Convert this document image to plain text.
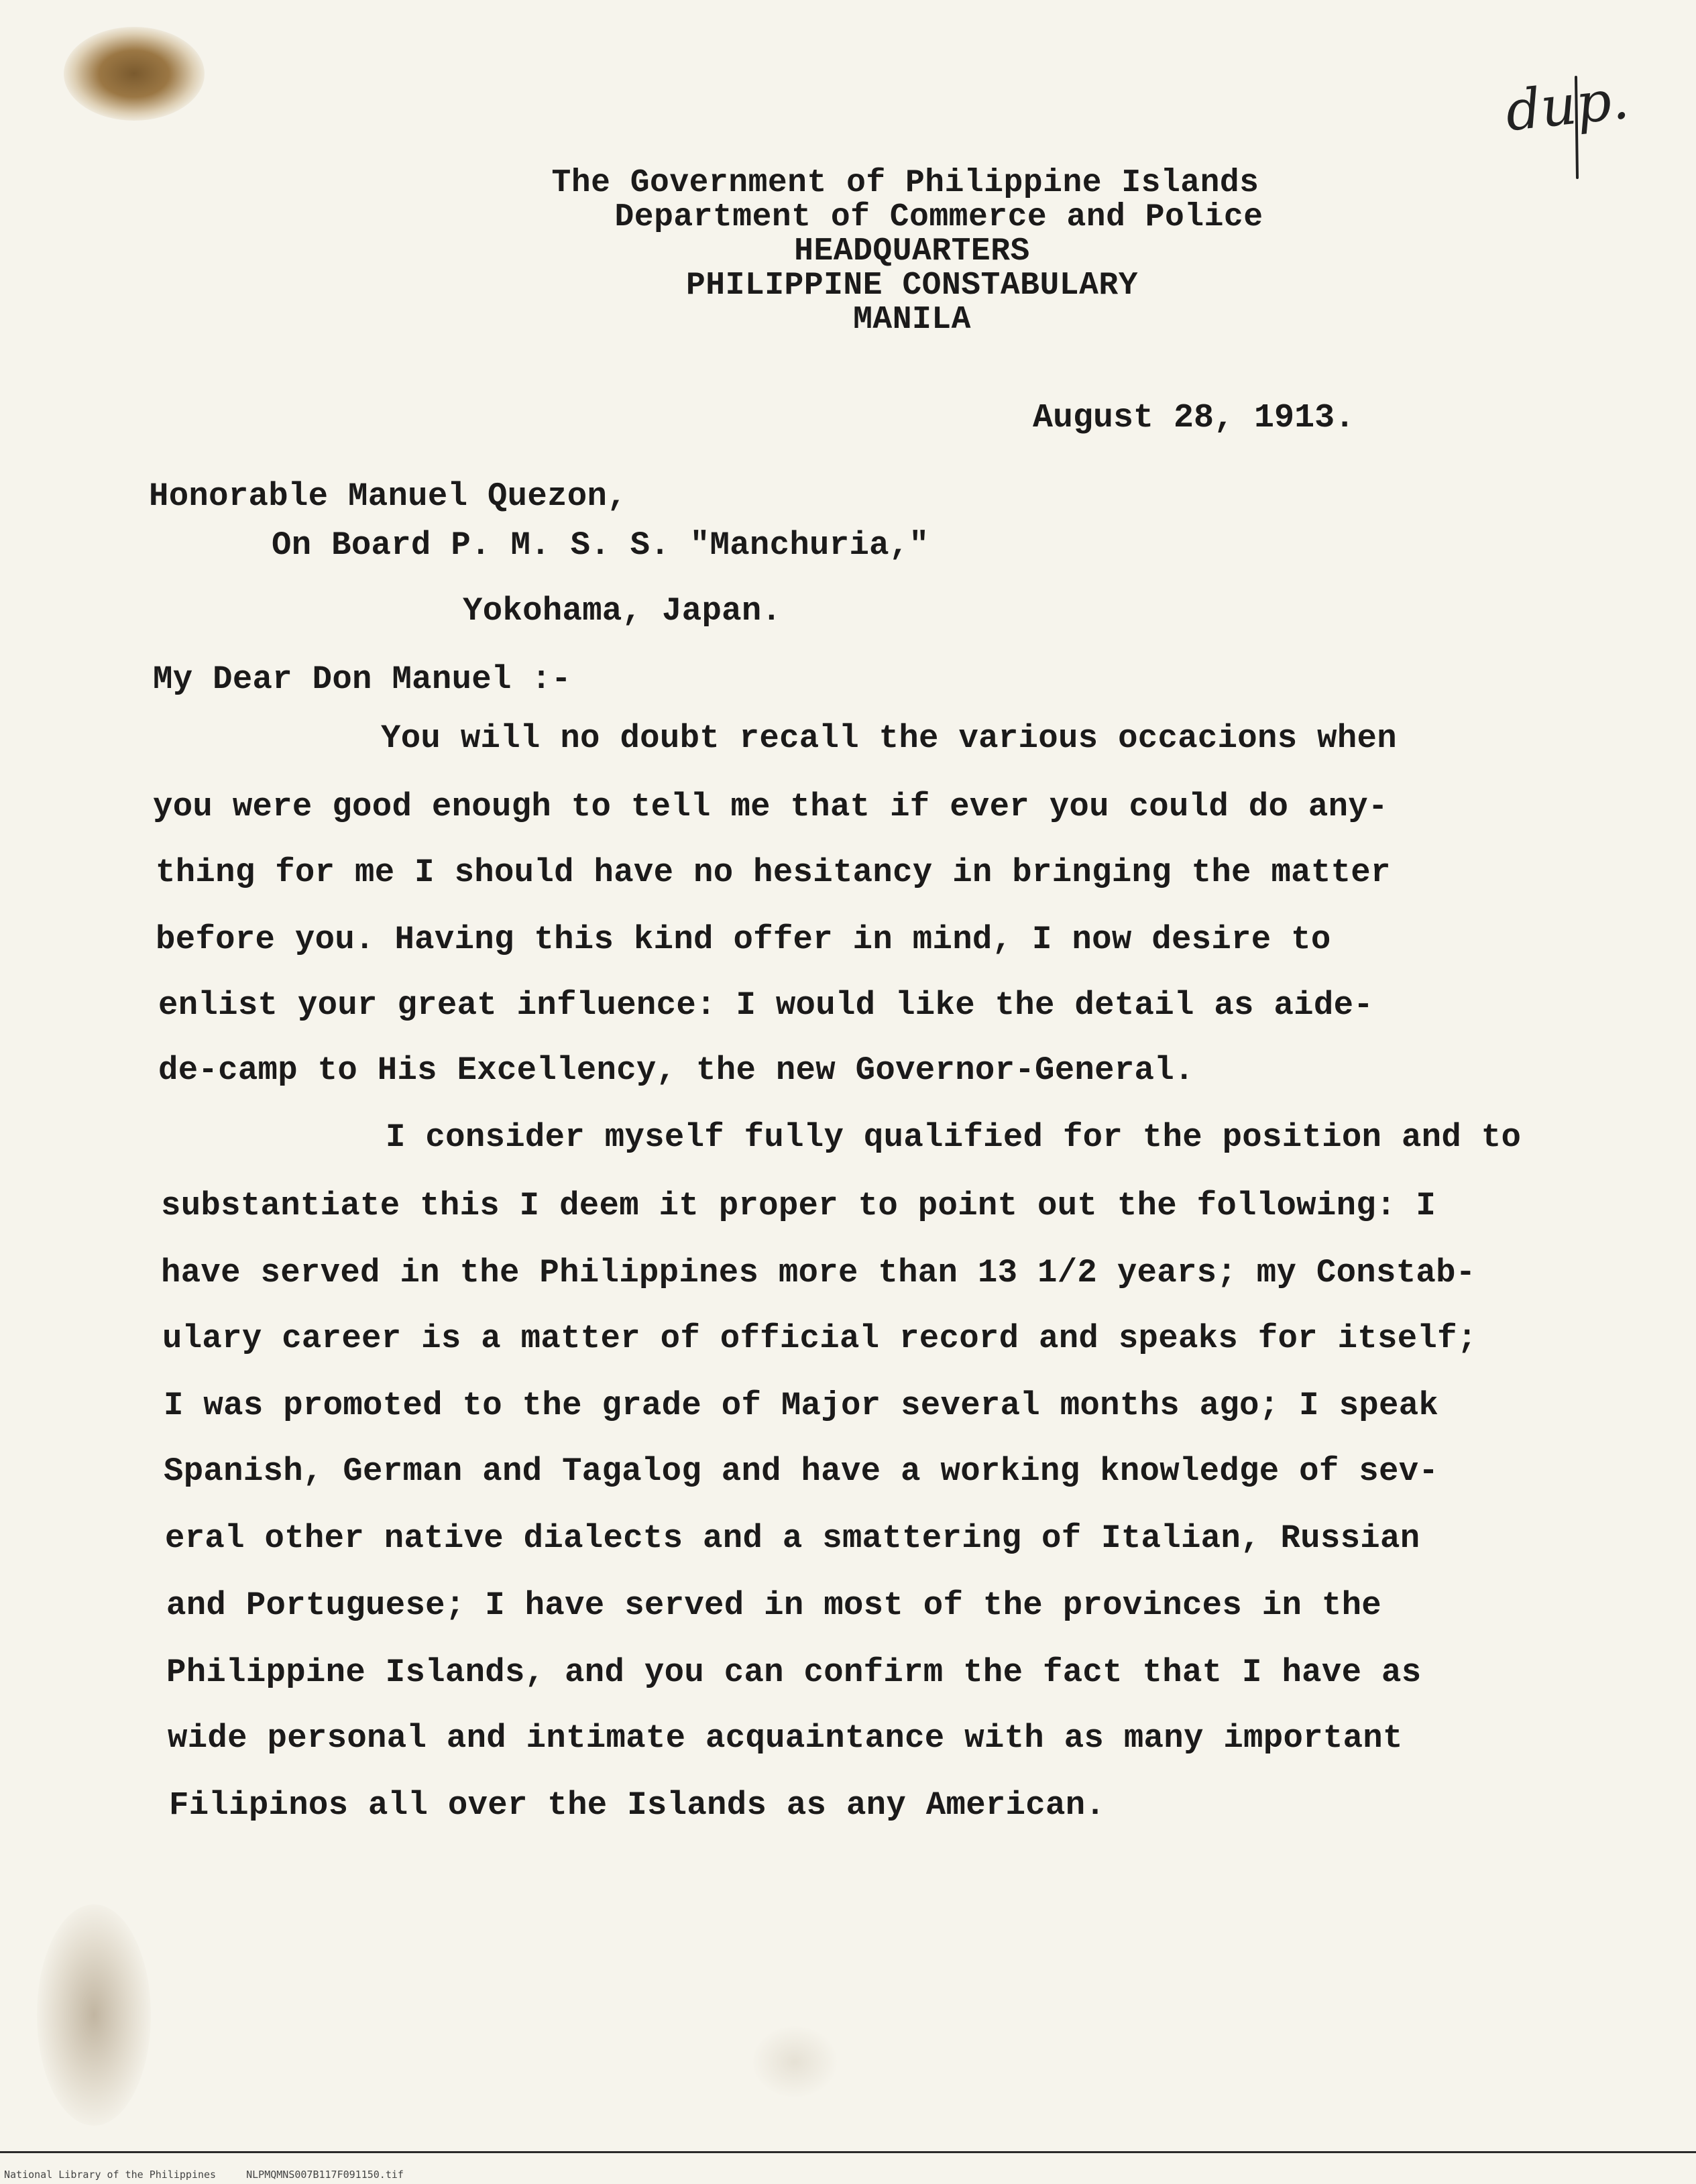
dup.
The Government of Philippine Islands
Department of Commerce and Police
HEADQUARTERS
PHILIPPINE CONSTABULARY
MANILA
August 28, 1913.
Honorable Manuel Quezon,
On Board P. M. S. S. "Manchuria,"
Yokohama, Japan.
My Dear Don Manuel :-
You will no doubt recall the various occacions when
you were good enough to tell me that if ever you could do any-
thing for me I should have no hesitancy in bringing the matter
before you. Having this kind offer in mind, I now desire to
enlist your great influence: I would like the detail as aide-
de-camp to His Excellency, the new Governor-General.
I consider myself fully qualified for the position and to
substantiate this I deem it proper to point out the following: I
have served in the Philippines more than 13 1/2 years; my Constab-
ulary career is a matter of official record and speaks for itself;
I was promoted to the grade of Major several months ago; I speak
Spanish, German and Tagalog and have a working knowledge of sev-
eral other native dialects and a smattering of Italian, Russian
and Portuguese; I have served in most of the provinces in the
Philippine Islands, and you can confirm the fact that I have as
wide personal and intimate acquaintance with as many important
Filipinos all over the Islands as any American.
National Library of the Philippines	NLPMQMNS007B117F091150.tif
